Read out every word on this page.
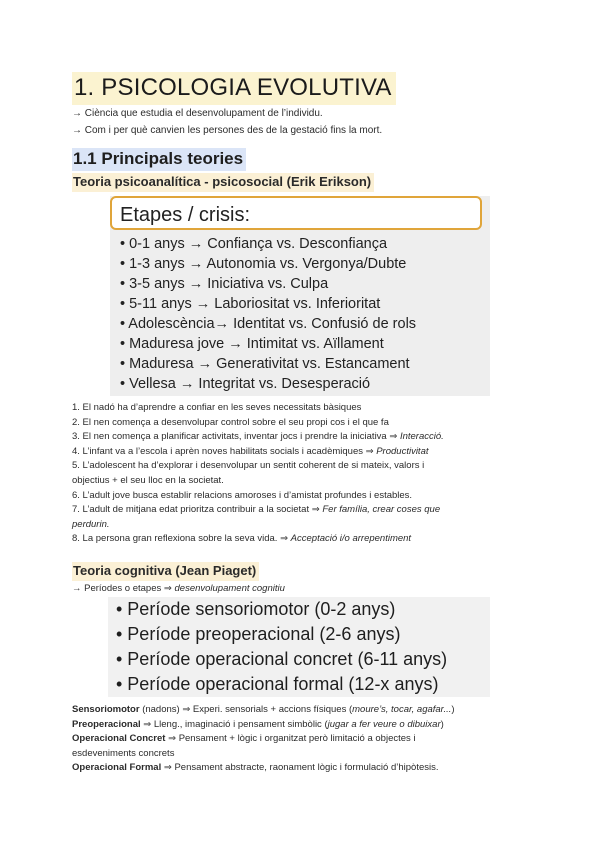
1. PSICOLOGIA EVOLUTIVA
→ Ciència que estudia el desenvolupament de l’individu.
→ Com i per què canvien les persones des de la gestació fins la mort.
1.1 Principals teories
Teoria psicoanalítica - psicosocial (Erik Erikson)
Etapes / crisis:
• 0-1 anys → Confiança vs. Desconfiança
• 1-3 anys → Autonomia vs. Vergonya/Dubte
• 3-5 anys → Iniciativa vs. Culpa
• 5-11 anys → Laboriositat vs. Inferioritat
• Adolescència→ Identitat vs. Confusió de rols
• Maduresa jove → Intimitat vs. Aïllament
• Maduresa → Generativitat vs. Estancament
• Vellesa → Integritat vs. Desesperació
1. El nadó ha d’aprendre a confiar en les seves necessitats bàsiques
2. El nen comença a desenvolupar control sobre el seu propi cos i el que fa
3. El nen comença a planificar activitats, inventar jocs i prendre la iniciativa ⇒ Interacció.
4. L’infant va a l’escola i aprèn noves habilitats socials i acadèmiques ⇒ Productivitat
5. L’adolescent ha d’explorar i desenvolupar un sentit coherent de si mateix, valors i
objectius + el seu lloc en la societat.
6. L’adult jove busca establir relacions amoroses i d’amistat profundes i estables.
7. L’adult de mitjana edat prioritza contribuir a la societat ⇒ Fer família, crear coses que
perdurin.
8. La persona gran reflexiona sobre la seva vida. ⇒ Acceptació i/o arrepentiment
Teoria cognitiva (Jean Piaget)
→ Períodes o etapes ⇒ desenvolupament cognitiu
• Període sensoriomotor (0-2 anys)
• Període preoperacional (2-6 anys)
• Període operacional concret (6-11 anys)
• Període operacional formal (12-x anys)
Sensoriomotor (nadons) ⇒ Experi. sensorials + accions físiques (moure’s, tocar, agafar...)
Preoperacional ⇒ Lleng., imaginació i pensament simbòlic (jugar a fer veure o dibuixar)
Operacional Concret ⇒ Pensament + lògic i organitzat però limitació a objectes i
esdeveniments concrets
Operacional Formal ⇒ Pensament abstracte, raonament lògic i formulació d’hipòtesis.
